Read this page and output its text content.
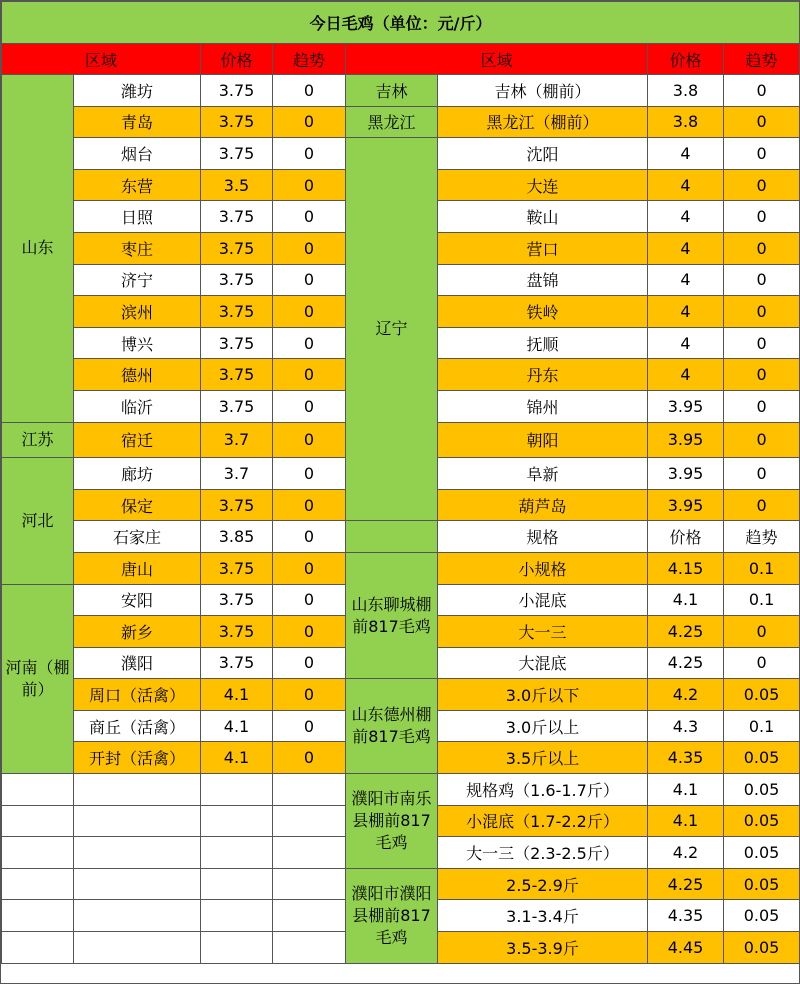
今日毛鸡（单位：元/斤）							
区域		价格	趋势	区域		价格	趋势
山东	潍坊	3.75	0	吉林	吉林（棚前）	3.8	0
	青岛	3.75	0	黑龙江	黑龙江（棚前）	3.8	0
	烟台	3.75	0	辽宁	沈阳	4	0
	东营	3.5	0		大连	4	0
	日照	3.75	0		鞍山	4	0
	枣庄	3.75	0		营口	4	0
	济宁	3.75	0		盘锦	4	0
	滨州	3.75	0		铁岭	4	0
	博兴	3.75	0		抚顺	4	0
	德州	3.75	0		丹东	4	0
	临沂	3.75	0		锦州	3.95	0
江苏	宿迁	3.7	0		朝阳	3.95	0
河北	廊坊	3.7	0		阜新	3.95	0
	保定	3.75	0		葫芦岛	3.95	0
	石家庄	3.85	0		规格	价格	趋势
	唐山	3.75	0	山东聊城棚前817毛鸡	小规格	4.15	0.1
河南（棚前）	安阳	3.75	0		小混底	4.1	0.1
	新乡	3.75	0		大一三	4.25	0
	濮阳	3.75	0		大混底	4.25	0
	周口（活禽）	4.1	0	山东德州棚前817毛鸡	3.0斤以下	4.2	0.05
	商丘（活禽）	4.1	0		3.0斤以上	4.3	0.1
	开封（活禽）	4.1	0		3.5斤以上	4.35	0.05
				濮阳市南乐县棚前817毛鸡	规格鸡（1.6-1.7斤）	4.1	0.05
					小混底（1.7-2.2斤）	4.1	0.05
					大一三（2.3-2.5斤）	4.2	0.05
				濮阳市濮阳县棚前817毛鸡	2.5-2.9斤	4.25	0.05
					3.1-3.4斤	4.35	0.05
					3.5-3.9斤	4.45	0.05
